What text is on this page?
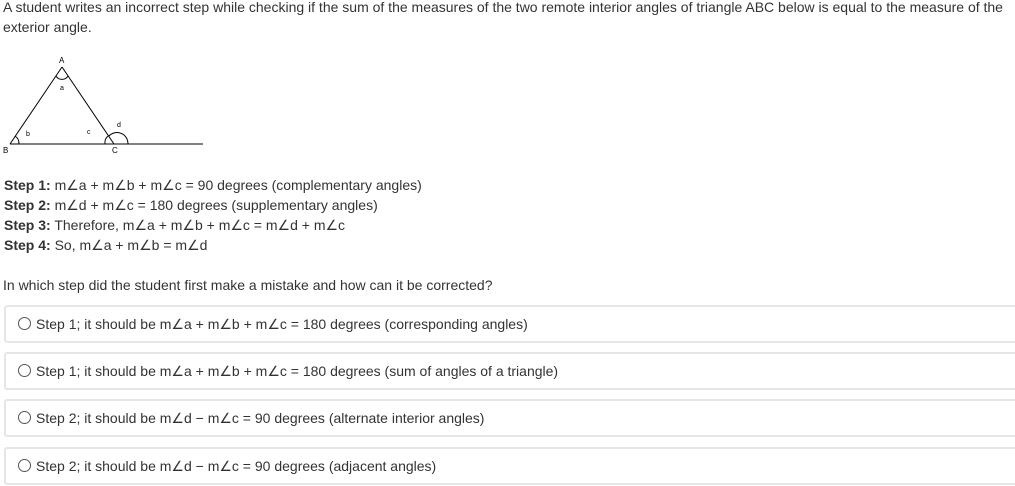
A student writes an incorrect step while checking if the sum of the measures of the two remote interior angles of triangle ABC below is equal to the measure of the exterior angle.

A
B	C
a
b	c
d
Step 1: m∠a + m∠b + m∠c = 90 degrees (complementary angles)
Step 2: m∠d + m∠c = 180 degrees (supplementary angles)
Step 3: Therefore, m∠a + m∠b + m∠c = m∠d + m∠c
Step 4: So, m∠a + m∠b = m∠d
In which step did the student first make a mistake and how can it be corrected?
Step 1; it should be m∠a + m∠b + m∠c = 180 degrees (corresponding angles)
Step 1; it should be m∠a + m∠b + m∠c = 180 degrees (sum of angles of a triangle)
Step 2; it should be m∠d − m∠c = 90 degrees (alternate interior angles)
Step 2; it should be m∠d − m∠c = 90 degrees (adjacent angles)
